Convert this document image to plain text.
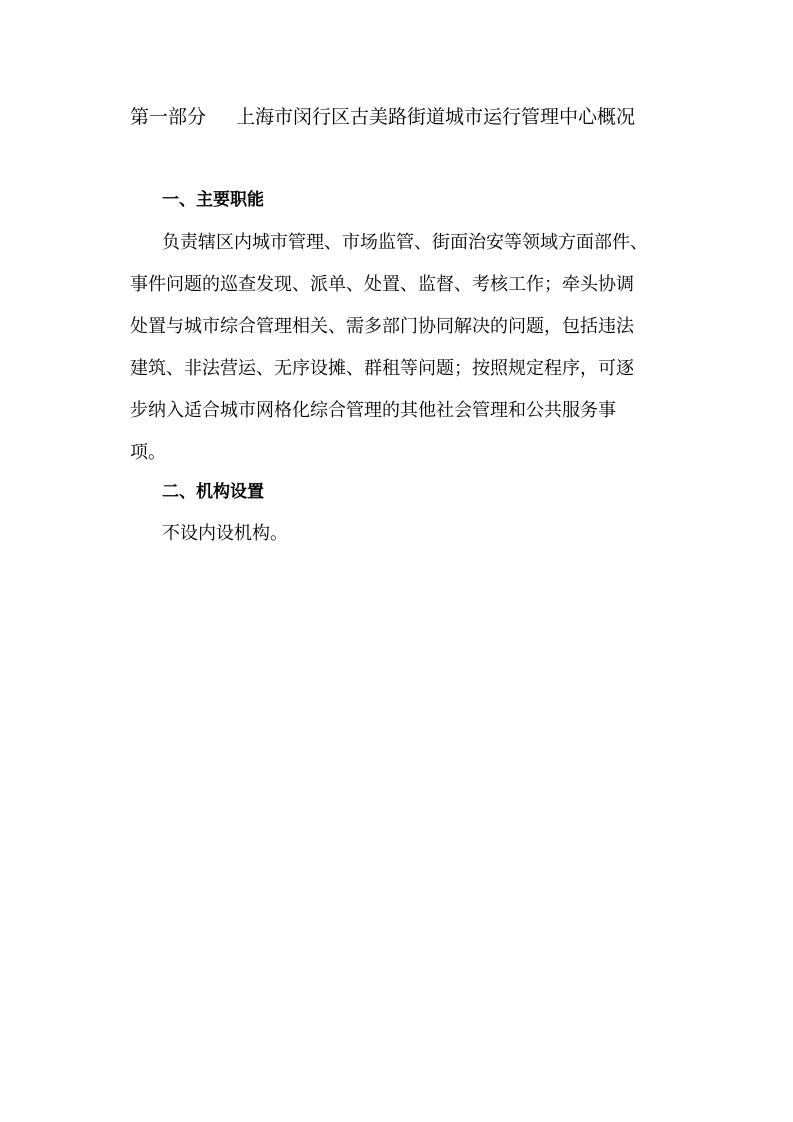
第一部分 上海市闵行区古美路街道城市运行管理中心概况
一、主要职能
负责辖区内城市管理、市场监管、街面治安等领域方面部件、
事件问题的巡查发现、派单、处置、监督、考核工作；牵头协调
处置与城市综合管理相关、需多部门协同解决的问题，包括违法
建筑、非法营运、无序设摊、群租等问题；按照规定程序，可逐
步纳入适合城市网格化综合管理的其他社会管理和公共服务事
项。
二、机构设置
不设内设机构。
